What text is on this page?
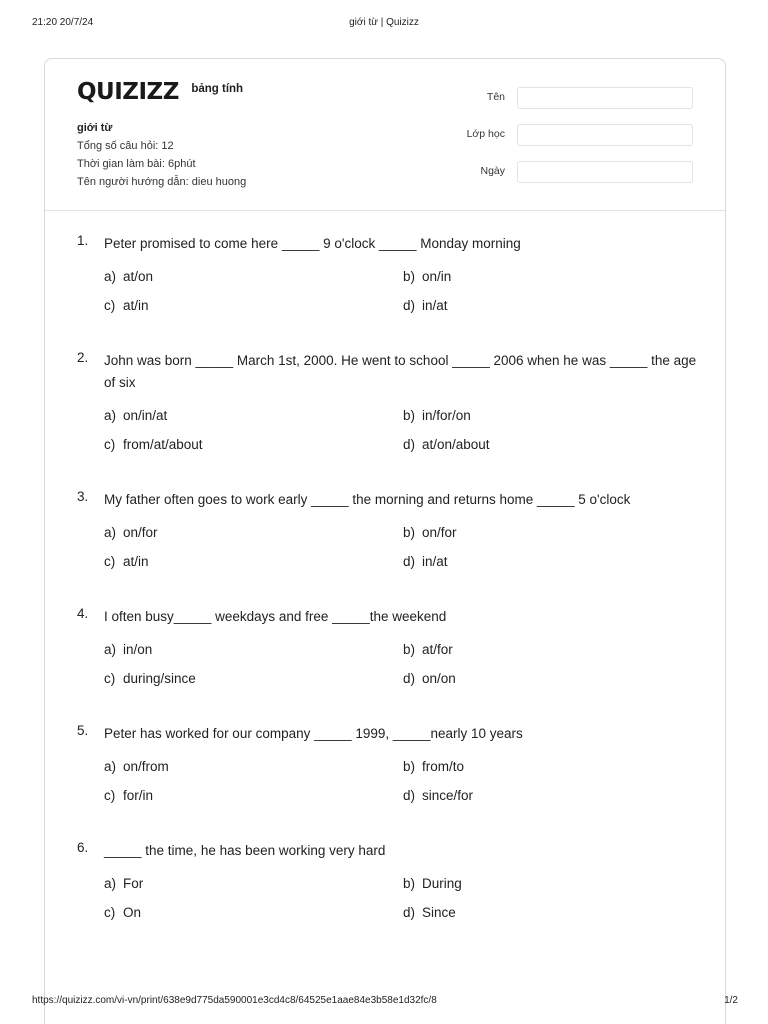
21:20 20/7/24	giới từ | Quizizz
QUIZIZZ bảng tính
giới từ
Tổng số câu hỏi: 12
Thời gian làm bài: 6phút
Tên người hướng dẫn: dieu huong
Tên
Lớp học
Ngày
1. Peter promised to come here _____ 9 o'clock _____ Monday morning
a) at/on	b) on/in
c) at/in	d) in/at
2. John was born _____ March 1st, 2000. He went to school _____ 2006 when he was _____ the age of six
a) on/in/at	b) in/for/on
c) from/at/about	d) at/on/about
3. My father often goes to work early _____ the morning and returns home _____ 5 o'clock
a) on/for	b) on/for
c) at/in	d) in/at
4. I often busy_____ weekdays and free _____the weekend
a) in/on	b) at/for
c) during/since	d) on/on
5. Peter has worked for our company _____ 1999, _____nearly 10 years
a) on/from	b) from/to
c) for/in	d) since/for
6. _____ the time, he has been working very hard
a) For	b) During
c) On	d) Since
https://quizizz.com/vi-vn/print/638e9d775da590001e3cd4c8/64525e1aae84e3b58e1d32fc/8	1/2
